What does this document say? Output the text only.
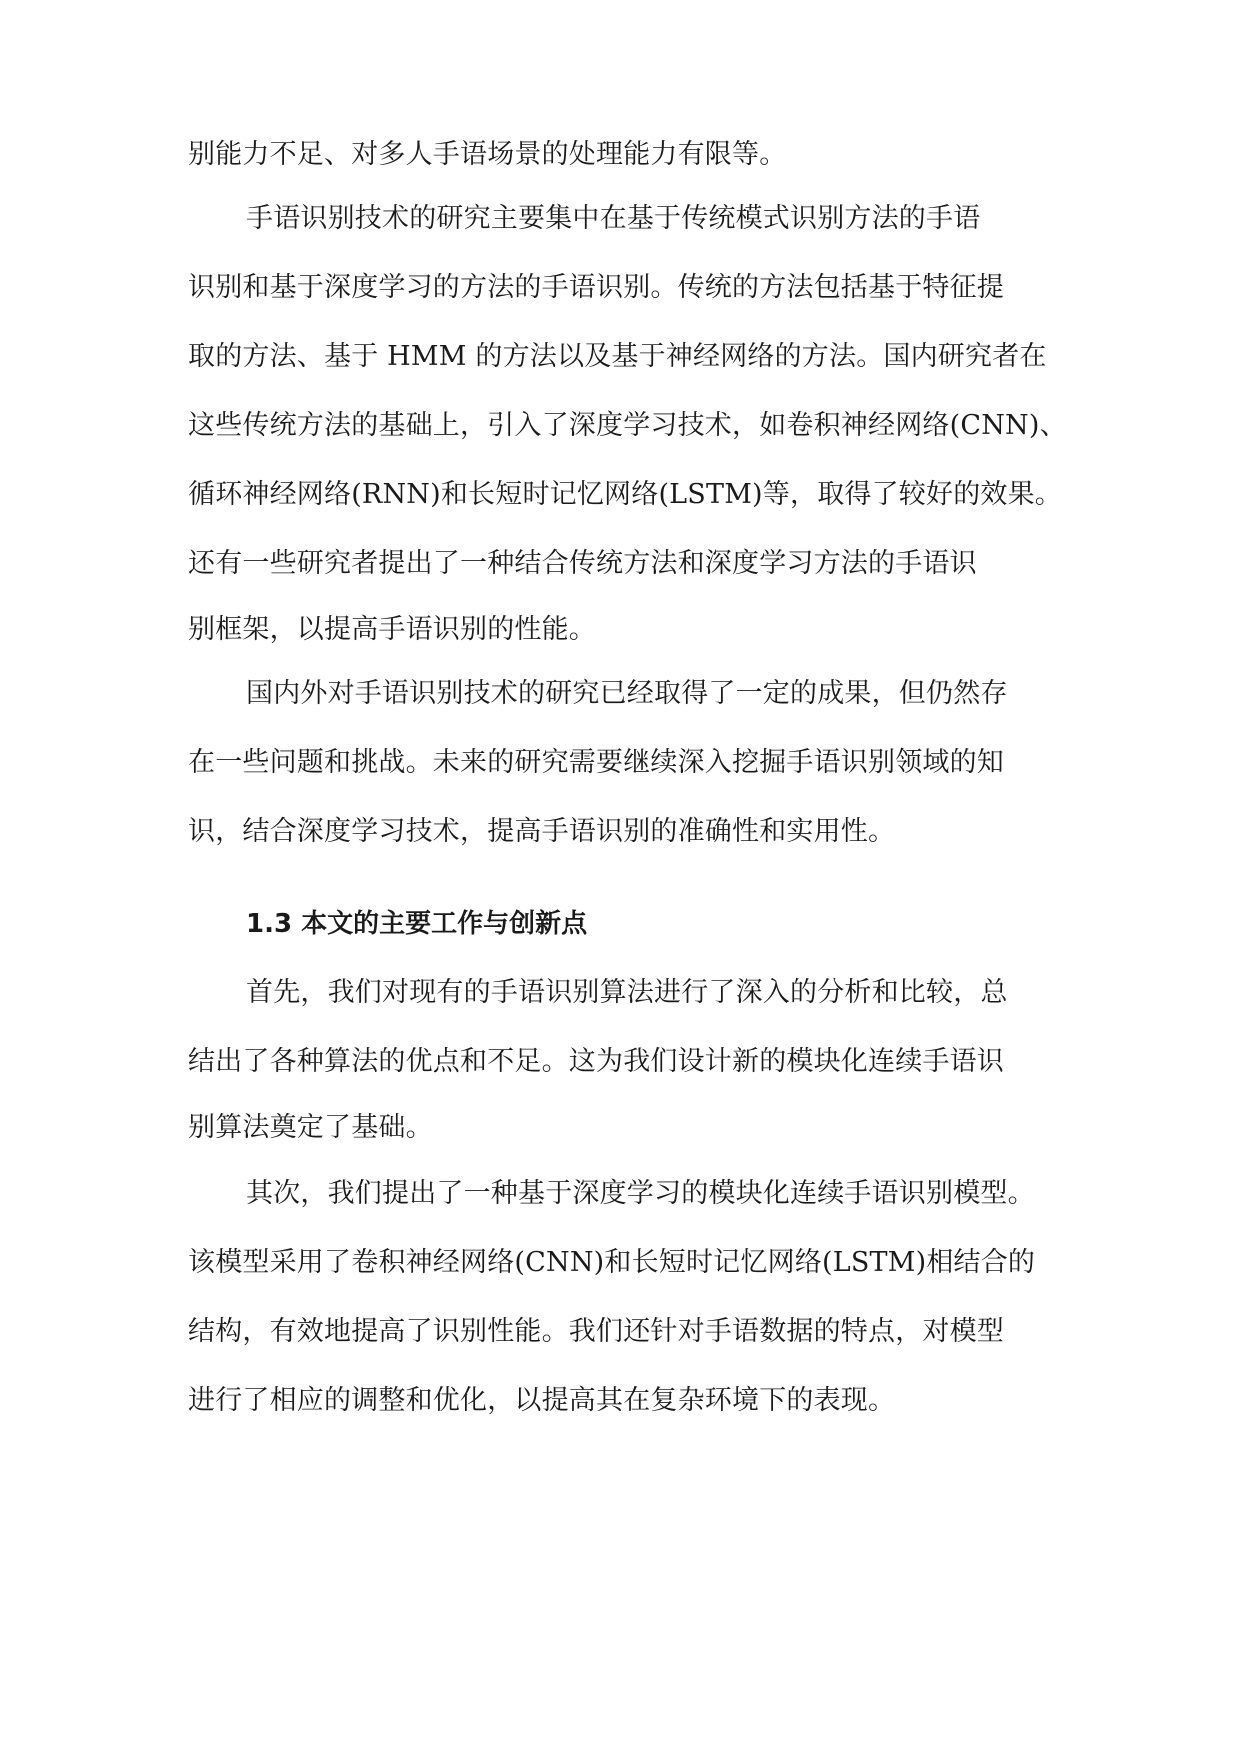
别能力不足、对多人手语场景的处理能力有限等。
手语识别技术的研究主要集中在基于传统模式识别方法的手语
识别和基于深度学习的方法的手语识别。传统的方法包括基于特征提
取的方法、基于 HMM 的方法以及基于神经网络的方法。国内研究者在
这些传统方法的基础上，引入了深度学习技术，如卷积神经网络(CNN)、
循环神经网络(RNN)和长短时记忆网络(LSTM)等，取得了较好的效果。
还有一些研究者提出了一种结合传统方法和深度学习方法的手语识
别框架，以提高手语识别的性能。
国内外对手语识别技术的研究已经取得了一定的成果，但仍然存
在一些问题和挑战。未来的研究需要继续深入挖掘手语识别领域的知
识，结合深度学习技术，提高手语识别的准确性和实用性。
1.3 本文的主要工作与创新点
首先，我们对现有的手语识别算法进行了深入的分析和比较，总
结出了各种算法的优点和不足。这为我们设计新的模块化连续手语识
别算法奠定了基础。
其次，我们提出了一种基于深度学习的模块化连续手语识别模型。
该模型采用了卷积神经网络(CNN)和长短时记忆网络(LSTM)相结合的
结构，有效地提高了识别性能。我们还针对手语数据的特点，对模型
进行了相应的调整和优化，以提高其在复杂环境下的表现。
